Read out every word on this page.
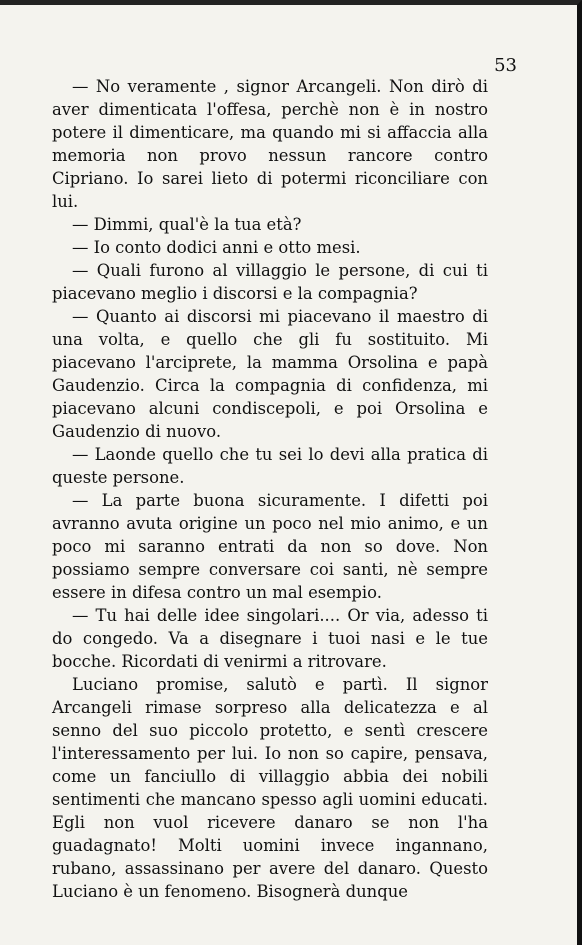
53

— No veramente , signor Arcangeli. Non dirò di aver dimenticata l'offesa, perchè non è in nostro potere il dimenticare, ma quando mi si affaccia alla memoria non provo nessun rancore contro Cipriano. Io sarei lieto di potermi riconciliare con lui.

— Dimmi, qual'è la tua età?

— Io conto dodici anni e otto mesi.

— Quali furono al villaggio le persone, di cui ti piacevano meglio i discorsi e la compagnia?

— Quanto ai discorsi mi piacevano il maestro di una volta, e quello che gli fu sostituito. Mi piacevano l'arciprete, la mamma Orsolina e papà Gaudenzio. Circa la compagnia di confidenza, mi piacevano alcuni condiscepoli, e poi Orsolina e Gaudenzio di nuovo.

— Laonde quello che tu sei lo devi alla pratica di queste persone.

— La parte buona sicuramente. I difetti poi avranno avuta origine un poco nel mio animo, e un poco mi saranno entrati da non so dove. Non possiamo sempre conversare coi santi, nè sempre essere in difesa contro un mal esempio.

— Tu hai delle idee singolari.... Or via, adesso ti do congedo. Va a disegnare i tuoi nasi e le tue bocche. Ricordati di venirmi a ritrovare.

Luciano promise, salutò e partì. Il signor Arcangeli rimase sorpreso alla delicatezza e al senno del suo piccolo protetto, e sentì crescere l'interessamento per lui. Io non so capire, pensava, come un fanciullo di villaggio abbia dei nobili sentimenti che mancano spesso agli uomini educati. Egli non vuol ricevere danaro se non l'ha guadagnato! Molti uomini invece ingannano, rubano, assassinano per avere del danaro. Questo Luciano è un fenomeno. Bisognerà dunque
